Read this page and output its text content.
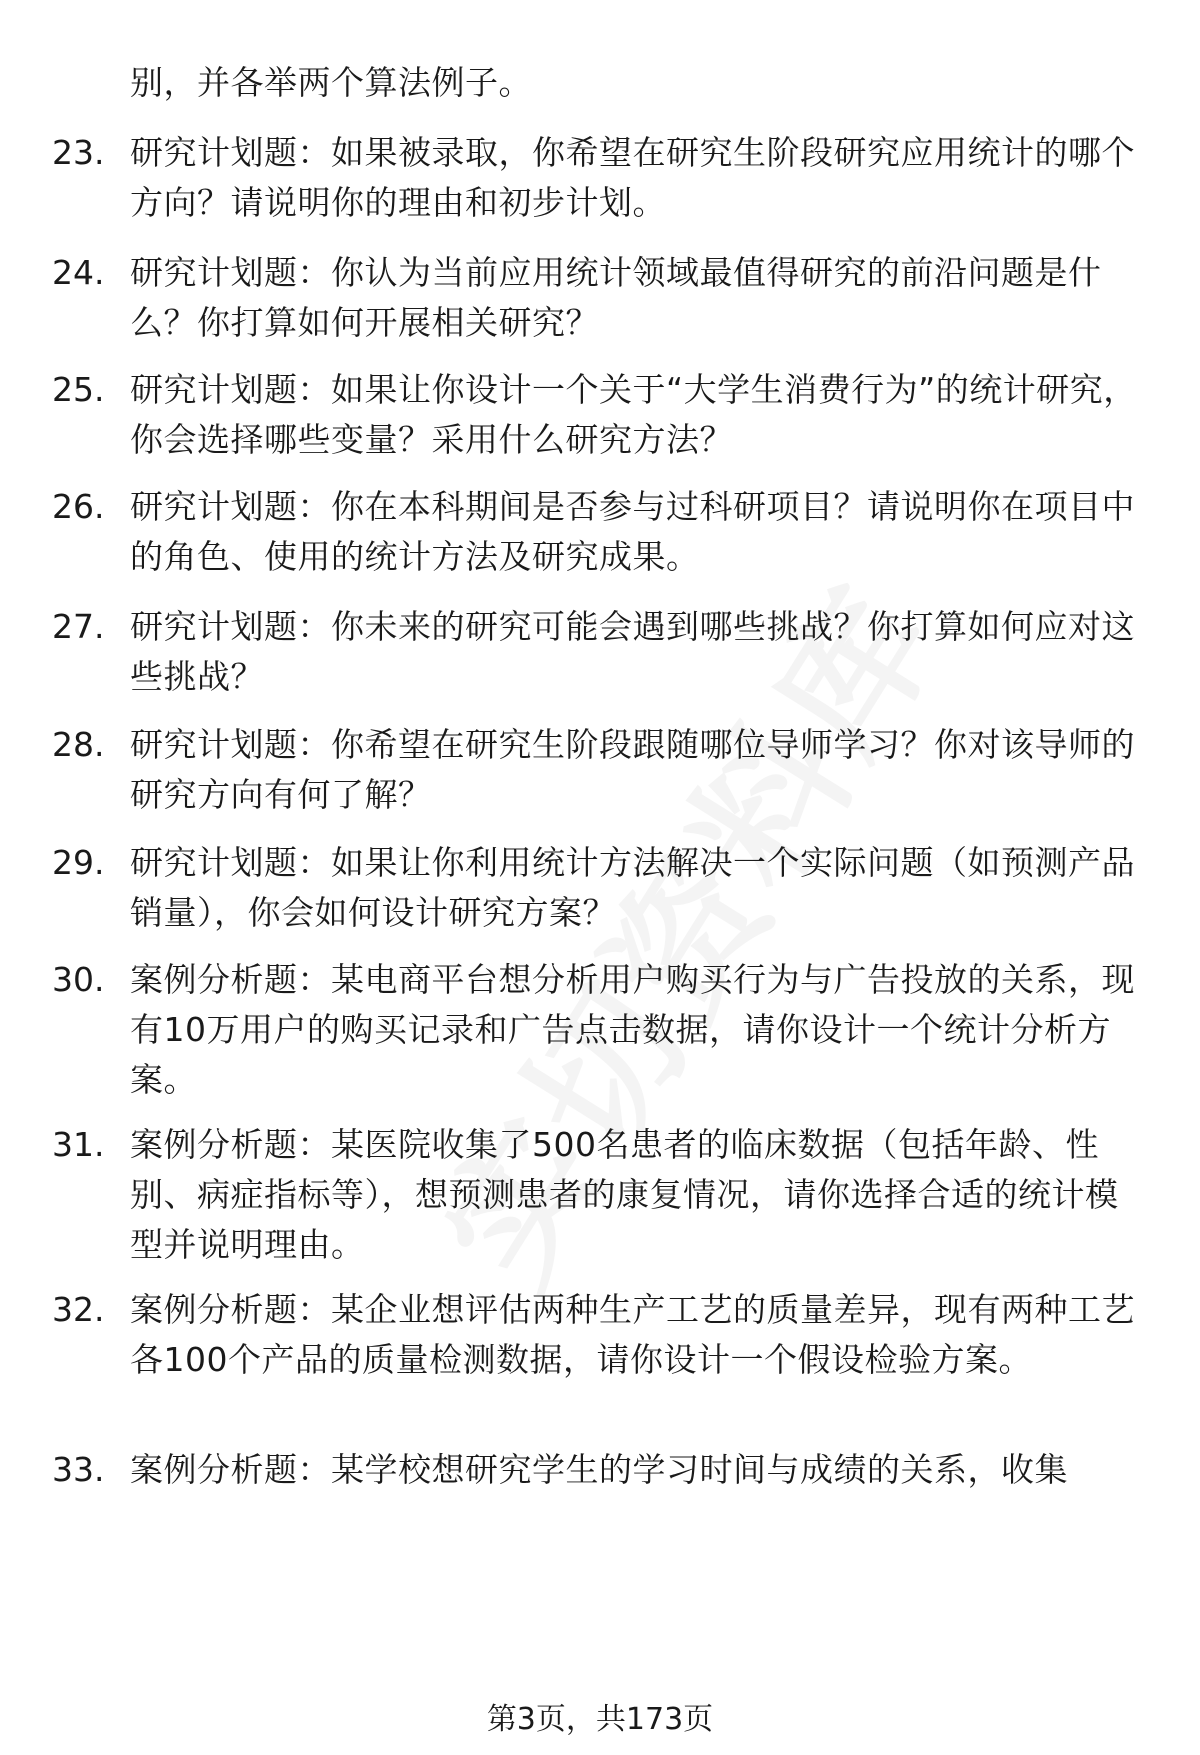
别，并各举两个算法例子。
23. 研究计划题：如果被录取，你希望在研究生阶段研究应用统计的哪个方向？请说明你的理由和初步计划。
24. 研究计划题：你认为当前应用统计领域最值得研究的前沿问题是什么？你打算如何开展相关研究？
25. 研究计划题：如果让你设计一个关于“大学生消费行为”的统计研究，你会选择哪些变量？采用什么研究方法？
26. 研究计划题：你在本科期间是否参与过科研项目？请说明你在项目中的角色、使用的统计方法及研究成果。
27. 研究计划题：你未来的研究可能会遇到哪些挑战？你打算如何应对这些挑战？
28. 研究计划题：你希望在研究生阶段跟随哪位导师学习？你对该导师的研究方向有何了解？
29. 研究计划题：如果让你利用统计方法解决一个实际问题（如预测产品销量），你会如何设计研究方案？
30. 案例分析题：某电商平台想分析用户购买行为与广告投放的关系，现有10万用户的购买记录和广告点击数据，请你设计一个统计分析方案。
31. 案例分析题：某医院收集了500名患者的临床数据（包括年龄、性别、病症指标等），想预测患者的康复情况，请你选择合适的统计模型并说明理由。
32. 案例分析题：某企业想评估两种生产工艺的质量差异，现有两种工艺各100个产品的质量检测数据，请你设计一个假设检验方案。
33. 案例分析题：某学校想研究学生的学习时间与成绩的关系，收集
第3页，共173页
